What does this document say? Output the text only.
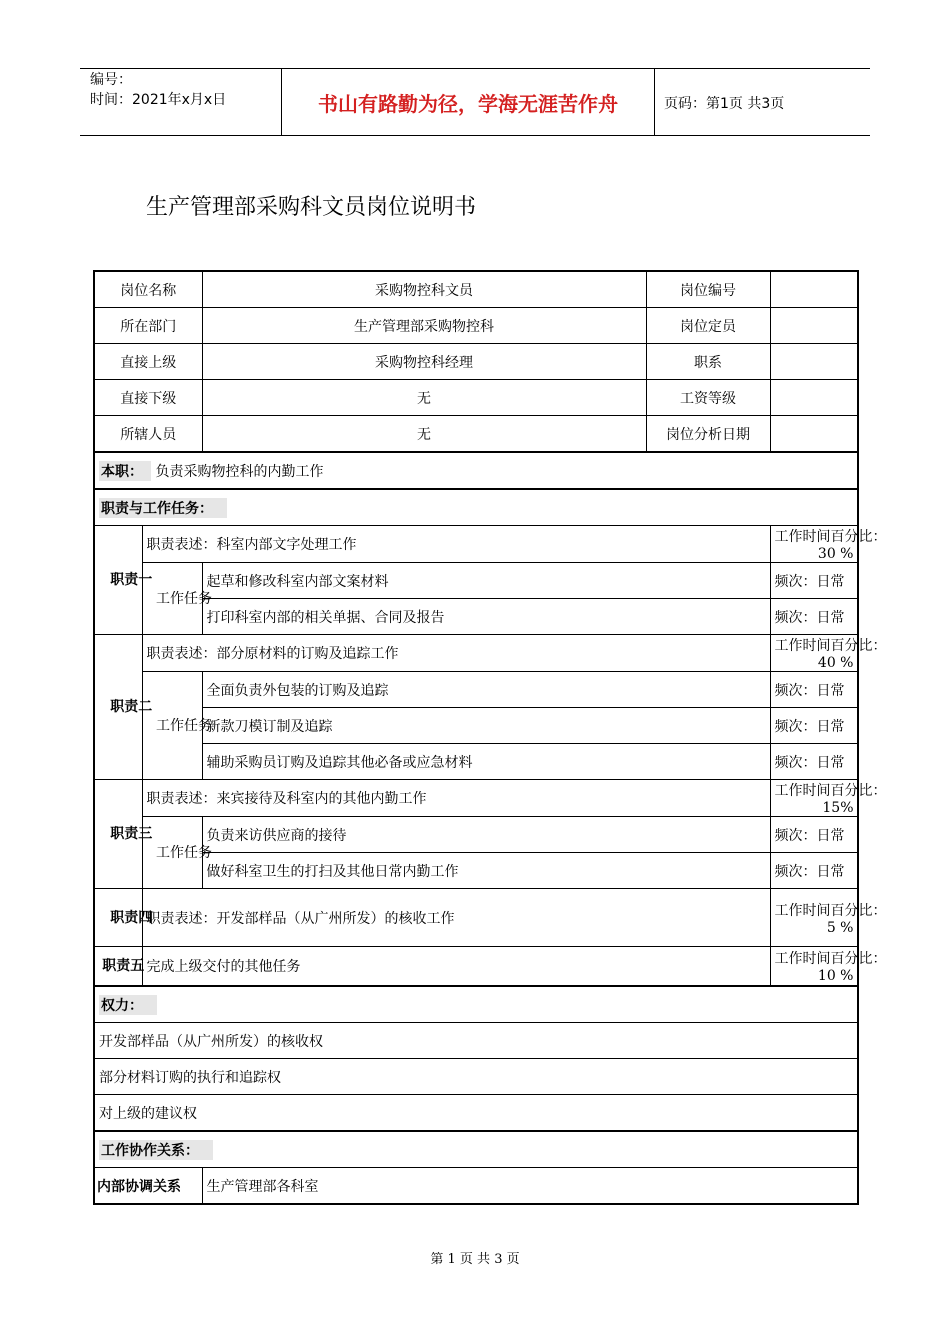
编号：
时间：2021年x月x日	书山有路勤为径，学海无涯苦作舟	页码：第1页 共3页
生产管理部采购科文员岗位说明书
岗位名称		采购物控科文员	岗位编号	
所在部门		生产管理部采购物控科	岗位定员	
直接上级		采购物控科经理	职系	
直接下级		无	工资等级	
所辖人员		无	岗位分析日期	
本职： 负责采购物控科的内勤工作				
职责与工作任务：				
职责一	职责表述：科室内部文字处理工作			工作时间百分比：
30 %

	工作任务	起草和修改科室内部文案材料		频次：日常
		打印科室内部的相关单据、合同及报告		频次：日常
职责二	职责表述：部分原材料的订购及追踪工作			工作时间百分比：
40 %

	工作任务	全面负责外包装的订购及追踪		频次：日常
		新款刀模订制及追踪		频次：日常
		辅助采购员订购及追踪其他必备或应急材料		频次：日常
职责三	职责表述：来宾接待及科室内的其他内勤工作			工作时间百分比：
15%

	工作任务	负责来访供应商的接待		频次：日常
		做好科室卫生的打扫及其他日常内勤工作		频次：日常
职责四	职责表述：开发部样品（从广州所发）的核收工作			工作时间百分比：
5 %

职责五	完成上级交付的其他任务			工作时间百分比：
10 %

权力：				
开发部样品（从广州所发）的核收权				
部分材料订购的执行和追踪权				
对上级的建议权				
工作协作关系：				
内部协调关系		生产管理部各科室		
第 1 页 共 3 页
